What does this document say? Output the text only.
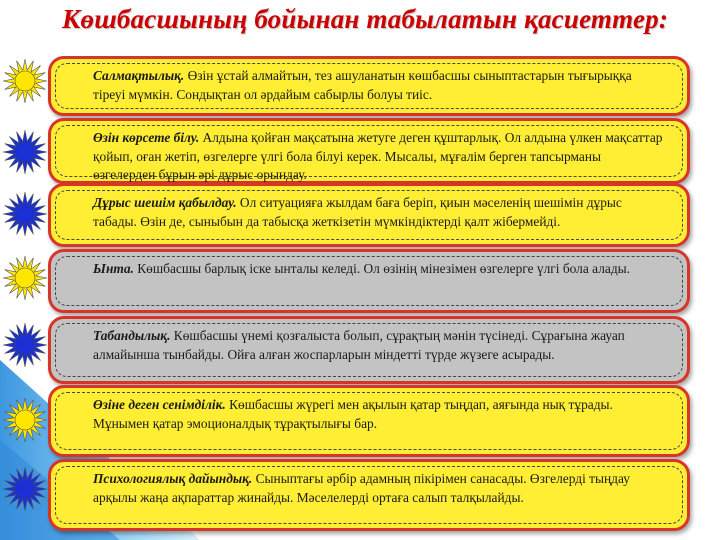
Көшбасшының бойынан табылатын қасиеттер:
Салмақтылық. Өзін ұстай алмайтын, тез ашуланатын көшбасшы сыныптастарын тығырыққа тіреуі мүмкін. Сондықтан ол әрдайым сабырлы болуы тиіс.
Өзін көрсете білу. Алдына қойған мақсатына жетуге деген құштарлық. Ол алдына үлкен мақсаттар қойып, оған жетіп, өзгелерге үлгі бола білуі керек. Мысалы, мұғалім берген тапсырманы өзгелерден бұрын әрі дұрыс орындау.
Дұрыс шешім қабылдау. Ол ситуацияға жылдам баға беріп, қиын мәселенің шешімін дұрыс табады. Өзін де, сыныбын да табысқа жеткізетін мүмкіндіктерді қалт жібермейді.
Ынта. Көшбасшы барлық іске ынталы келеді. Ол өзінің мінезімен өзгелерге үлгі бола алады.
Табандылық. Көшбасшы үнемі қозғалыста болып, сұрақтың мәнін түсінеді. Сұрағына жауап алмайынша тынбайды. Ойға алған жоспарларын міндетті түрде жүзеге асырады.
Өзіне деген сенімділік. Көшбасшы жүрегі мен ақылын қатар тыңдап, аяғында нық тұрады. Мұнымен қатар эмоционалдық тұрақтылығы бар.
Психологиялық дайындық. Сыныптағы әрбір адамның пікірімен санасады. Өзгелерді тыңдау арқылы жаңа ақпараттар жинайды. Мәселелерді ортаға салып талқылайды.
